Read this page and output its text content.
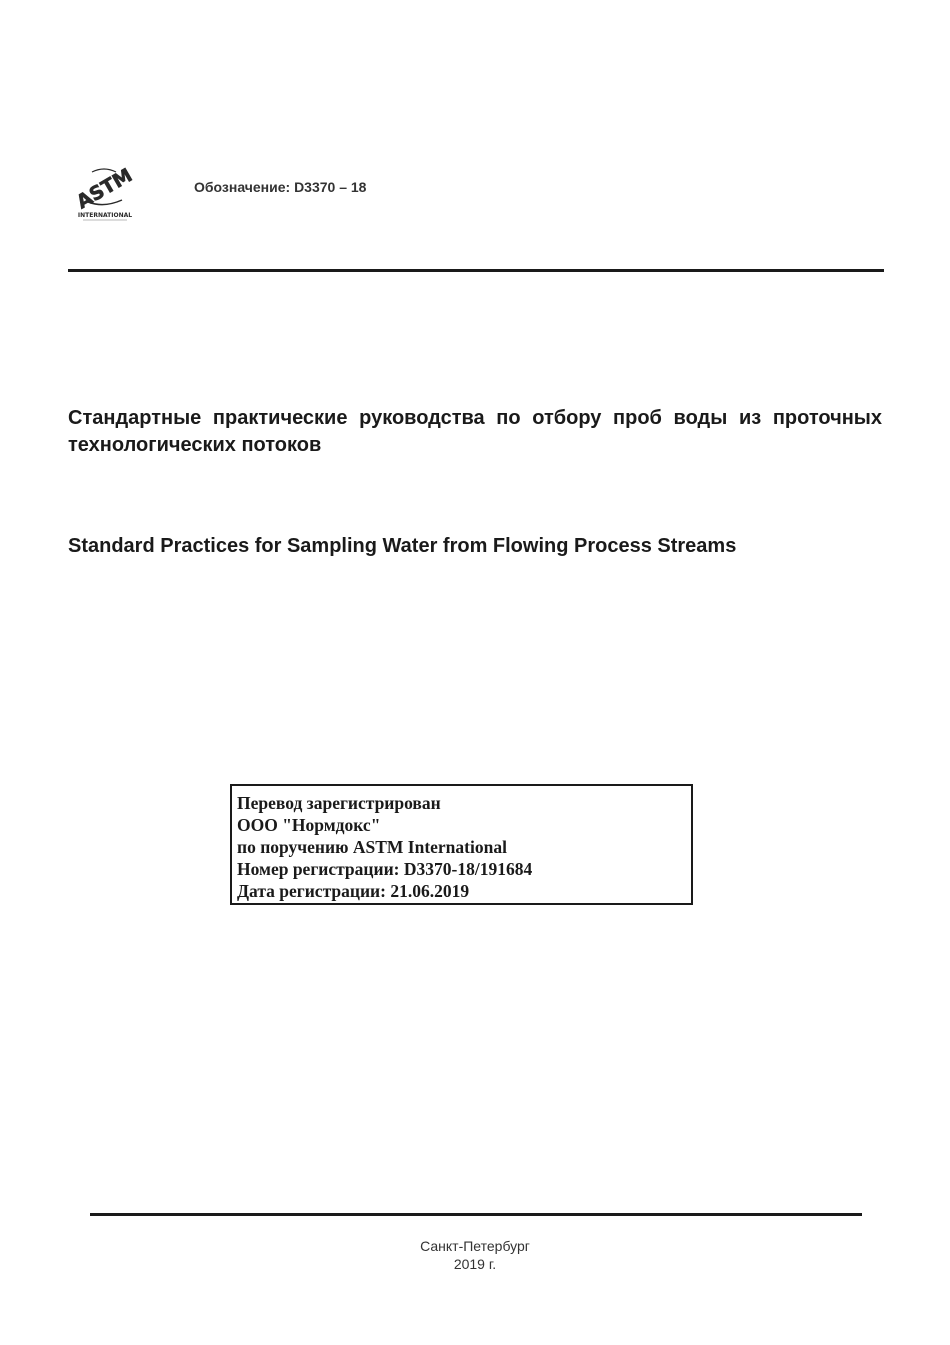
ASTM
INTERNATIONAL
Обозначение: D3370 – 18
Стандартные практические руководства по отбору проб воды из проточных технологических потоков
Standard Practices for Sampling Water from Flowing Process Streams
Перевод зарегистрирован
ООО "Нормдокс"
по поручению ASTM International
Номер регистрации: D3370-18/191684
Дата регистрации: 21.06.2019
Санкт-Петербург
2019 г.
